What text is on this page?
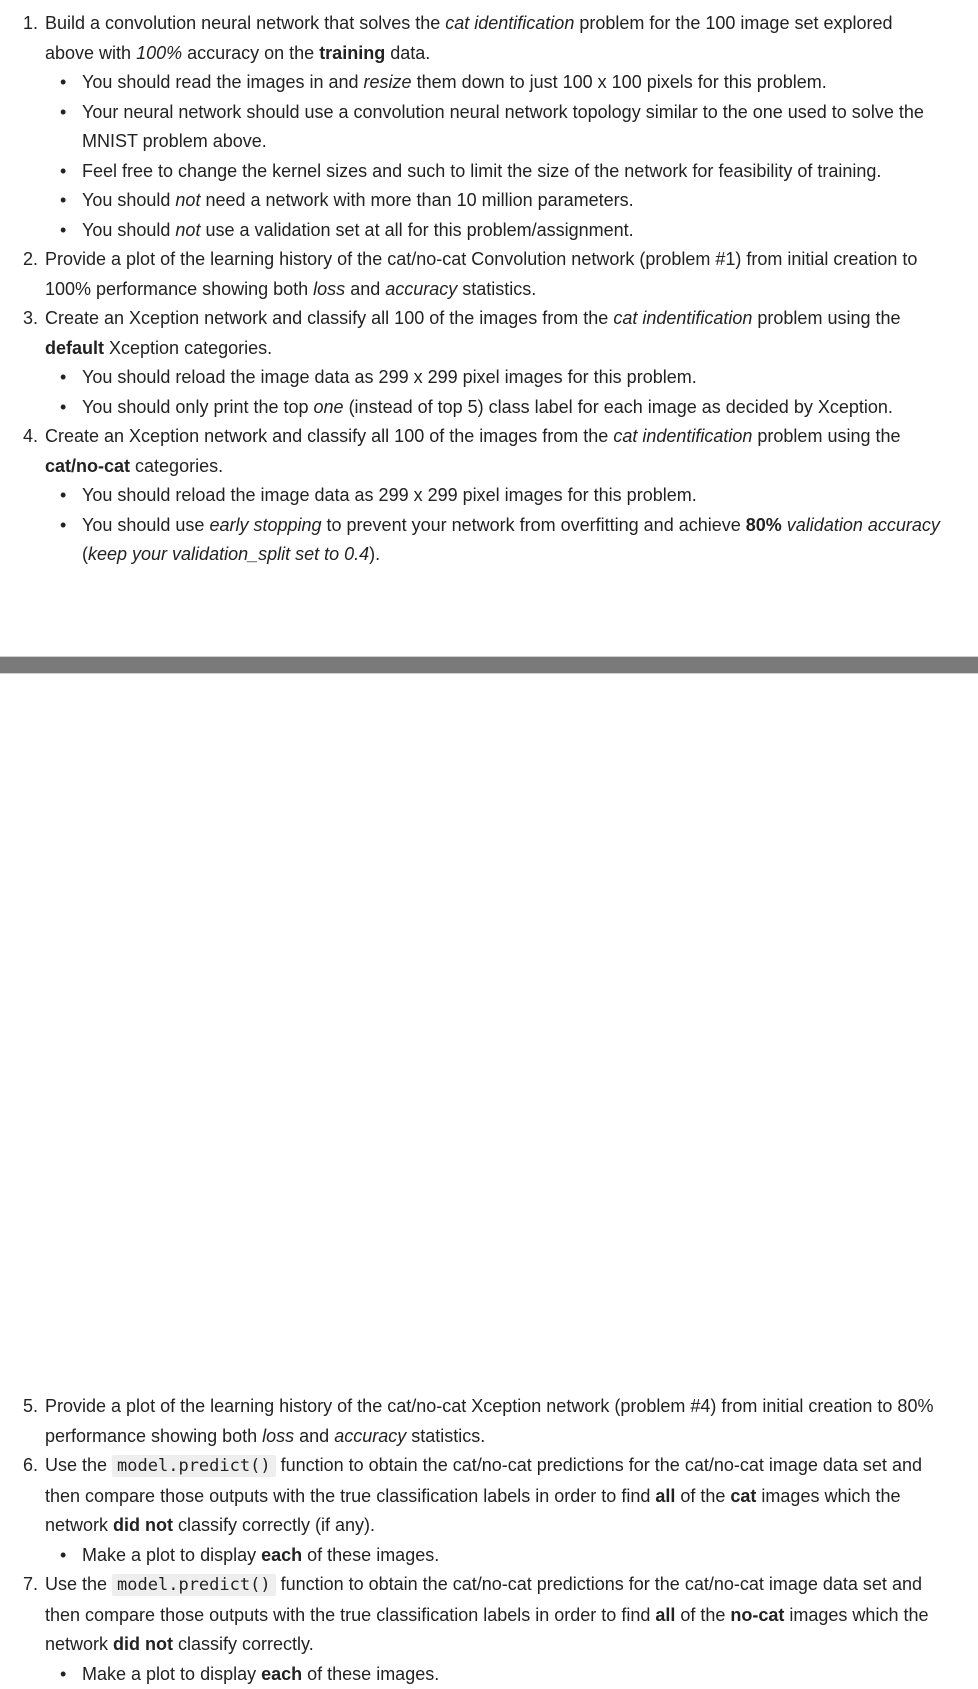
1. Build a convolution neural network that solves the cat identification problem for the 100 image set explored above with 100% accuracy on the training data.
• You should read the images in and resize them down to just 100 x 100 pixels for this problem.
• Your neural network should use a convolution neural network topology similar to the one used to solve the MNIST problem above.
• Feel free to change the kernel sizes and such to limit the size of the network for feasibility of training.
• You should not need a network with more than 10 million parameters.
• You should not use a validation set at all for this problem/assignment.
2. Provide a plot of the learning history of the cat/no-cat Convolution network (problem #1) from initial creation to 100% performance showing both loss and accuracy statistics.
3. Create an Xception network and classify all 100 of the images from the cat indentification problem using the default Xception categories.
• You should reload the image data as 299 x 299 pixel images for this problem.
• You should only print the top one (instead of top 5) class label for each image as decided by Xception.
4. Create an Xception network and classify all 100 of the images from the cat indentification problem using the cat/no-cat categories.
• You should reload the image data as 299 x 299 pixel images for this problem.
• You should use early stopping to prevent your network from overfitting and achieve 80% validation accuracy (keep your validation_split set to 0.4).
5. Provide a plot of the learning history of the cat/no-cat Xception network (problem #4) from initial creation to 80% performance showing both loss and accuracy statistics.
6. Use the model.predict() function to obtain the cat/no-cat predictions for the cat/no-cat image data set and then compare those outputs with the true classification labels in order to find all of the cat images which the network did not classify correctly (if any).
• Make a plot to display each of these images.
7. Use the model.predict() function to obtain the cat/no-cat predictions for the cat/no-cat image data set and then compare those outputs with the true classification labels in order to find all of the no-cat images which the network did not classify correctly.
• Make a plot to display each of these images.
